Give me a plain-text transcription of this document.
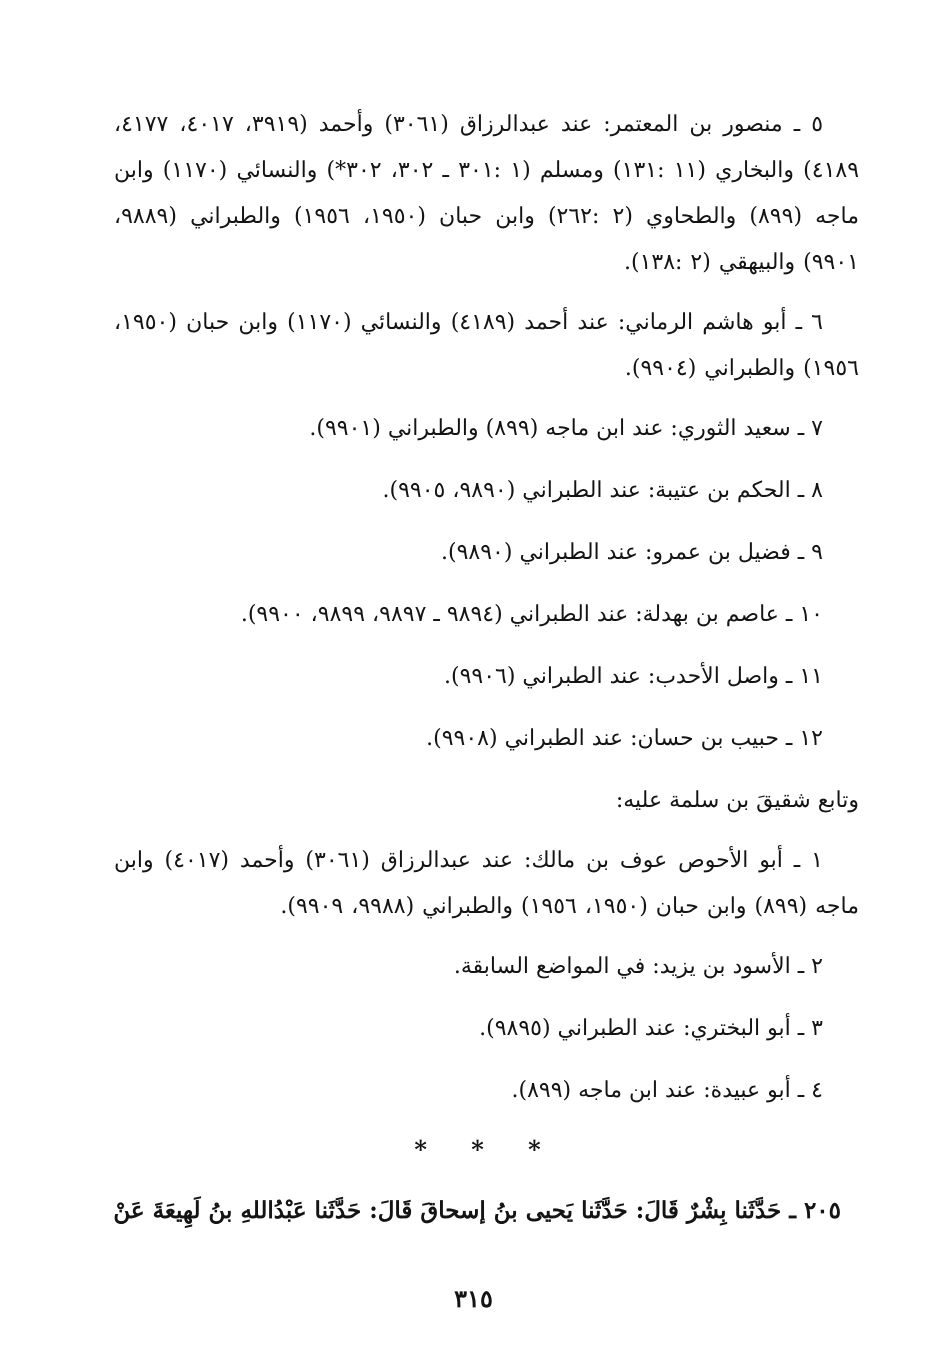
٥ ـ منصور بن المعتمر: عند عبدالرزاق (٣٠٦١) وأحمد (٣٩١٩، ٤٠١٧، ٤١٧٧، ٤١٨٩) والبخاري (١١ :١٣١) ومسلم (١ :٣٠١ ـ ٣٠٢، ٣٠٢*) والنسائي (١١٧٠) وابن ماجه (٨٩٩) والطحاوي (٢ :٢٦٢) وابن حبان (١٩٥٠، ١٩٥٦) والطبراني (٩٨٨٩، ٩٩٠١) والبيهقي (٢ :١٣٨).

٦ ـ أبو هاشم الرماني: عند أحمد (٤١٨٩) والنسائي (١١٧٠) وابن حبان (١٩٥٠، ١٩٥٦) والطبراني (٩٩٠٤).

٧ ـ سعيد الثوري: عند ابن ماجه (٨٩٩) والطبراني (٩٩٠١).

٨ ـ الحكم بن عتيبة: عند الطبراني (٩٨٩٠، ٩٩٠٥).

٩ ـ فضيل بن عمرو: عند الطبراني (٩٨٩٠).

١٠ ـ عاصم بن بهدلة: عند الطبراني (٩٨٩٤ ـ ٩٨٩٧، ٩٨٩٩، ٩٩٠٠).

١١ ـ واصل الأحدب: عند الطبراني (٩٩٠٦).

١٢ ـ حبيب بن حسان: عند الطبراني (٩٩٠٨).

وتابع شقيقَ بن سلمة عليه:

١ ـ أبو الأحوص عوف بن مالك: عند عبدالرزاق (٣٠٦١) وأحمد (٤٠١٧) وابن ماجه (٨٩٩) وابن حبان (١٩٥٠، ١٩٥٦) والطبراني (٩٩٨٨، ٩٩٠٩).

٢ ـ الأسود بن يزيد: في المواضع السابقة.

٣ ـ أبو البختري: عند الطبراني (٩٨٩٥).

٤ ـ أبو عبيدة: عند ابن ماجه (٨٩٩).

* * *

٢٠٥ ـ حَدَّثَنا بِشْرٌ قَالَ: حَدَّثَنا يَحيى بنُ إسحاقَ قَالَ: حَدَّثَنا عَبْدُاللهِ بنُ لَهِيعَةَ عَنْ

٣١٥
